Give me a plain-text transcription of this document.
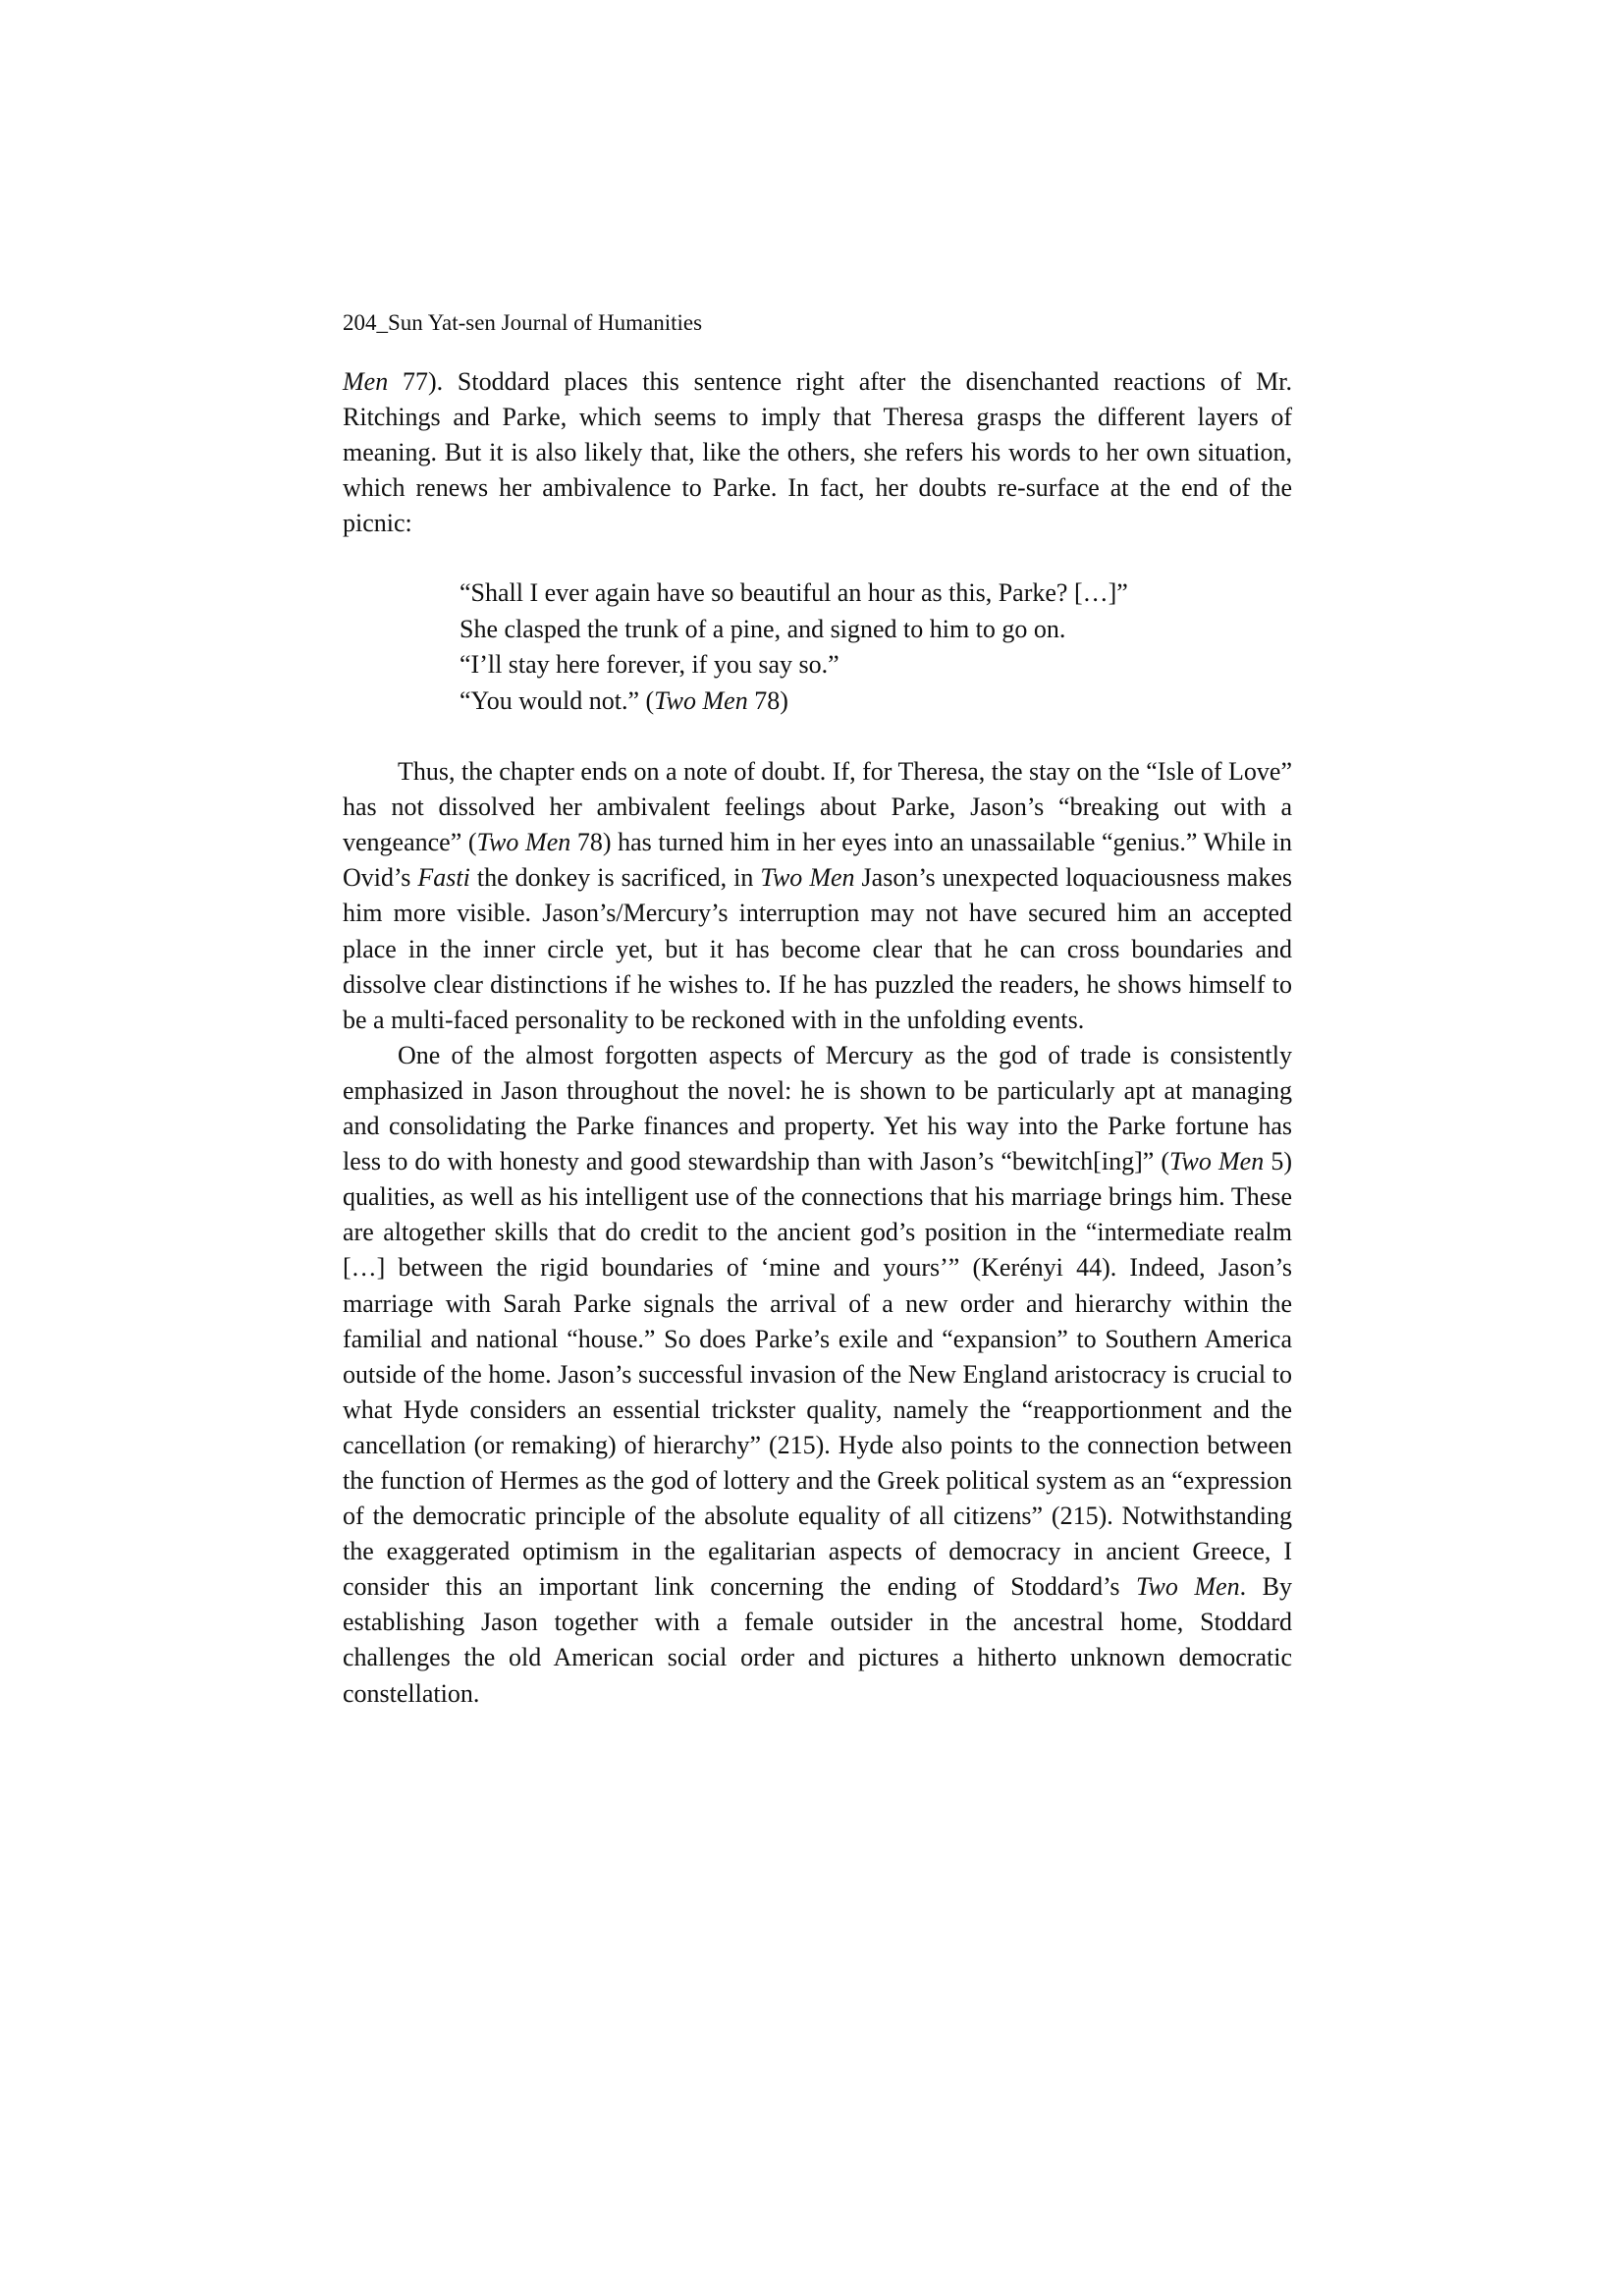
204_Sun Yat-sen Journal of Humanities

Men 77). Stoddard places this sentence right after the disenchanted reactions of Mr. Ritchings and Parke, which seems to imply that Theresa grasps the different layers of meaning. But it is also likely that, like the others, she refers his words to her own situation, which renews her ambivalence to Parke. In fact, her doubts re-surface at the end of the picnic:

“Shall I ever again have so beautiful an hour as this, Parke? […]”
She clasped the trunk of a pine, and signed to him to go on.
“I’ll stay here forever, if you say so.”
“You would not.” (Two Men 78)

Thus, the chapter ends on a note of doubt. If, for Theresa, the stay on the “Isle of Love” has not dissolved her ambivalent feelings about Parke, Jason’s “breaking out with a vengeance” (Two Men 78) has turned him in her eyes into an unassailable “genius.” While in Ovid’s Fasti the donkey is sacrificed, in Two Men Jason’s unexpected loquaciousness makes him more visible. Jason’s/Mercury’s interruption may not have secured him an accepted place in the inner circle yet, but it has become clear that he can cross boundaries and dissolve clear distinctions if he wishes to. If he has puzzled the readers, he shows himself to be a multi-faced personality to be reckoned with in the unfolding events.

One of the almost forgotten aspects of Mercury as the god of trade is consistently emphasized in Jason throughout the novel: he is shown to be particularly apt at managing and consolidating the Parke finances and property. Yet his way into the Parke fortune has less to do with honesty and good stewardship than with Jason’s “bewitch[ing]” (Two Men 5) qualities, as well as his intelligent use of the connections that his marriage brings him. These are altogether skills that do credit to the ancient god’s position in the “intermediate realm […] between the rigid boundaries of ‘mine and yours’” (Kerényi 44). Indeed, Jason’s marriage with Sarah Parke signals the arrival of a new order and hierarchy within the familial and national “house.” So does Parke’s exile and “expansion” to Southern America outside of the home. Jason’s successful invasion of the New England aristocracy is crucial to what Hyde considers an essential trickster quality, namely the “reapportionment and the cancellation (or remaking) of hierarchy” (215). Hyde also points to the connection between the function of Hermes as the god of lottery and the Greek political system as an “expression of the democratic principle of the absolute equality of all citizens” (215). Notwithstanding the exaggerated optimism in the egalitarian aspects of democracy in ancient Greece, I consider this an important link concerning the ending of Stoddard’s Two Men. By establishing Jason together with a female outsider in the ancestral home, Stoddard challenges the old American social order and pictures a hitherto unknown democratic constellation.
